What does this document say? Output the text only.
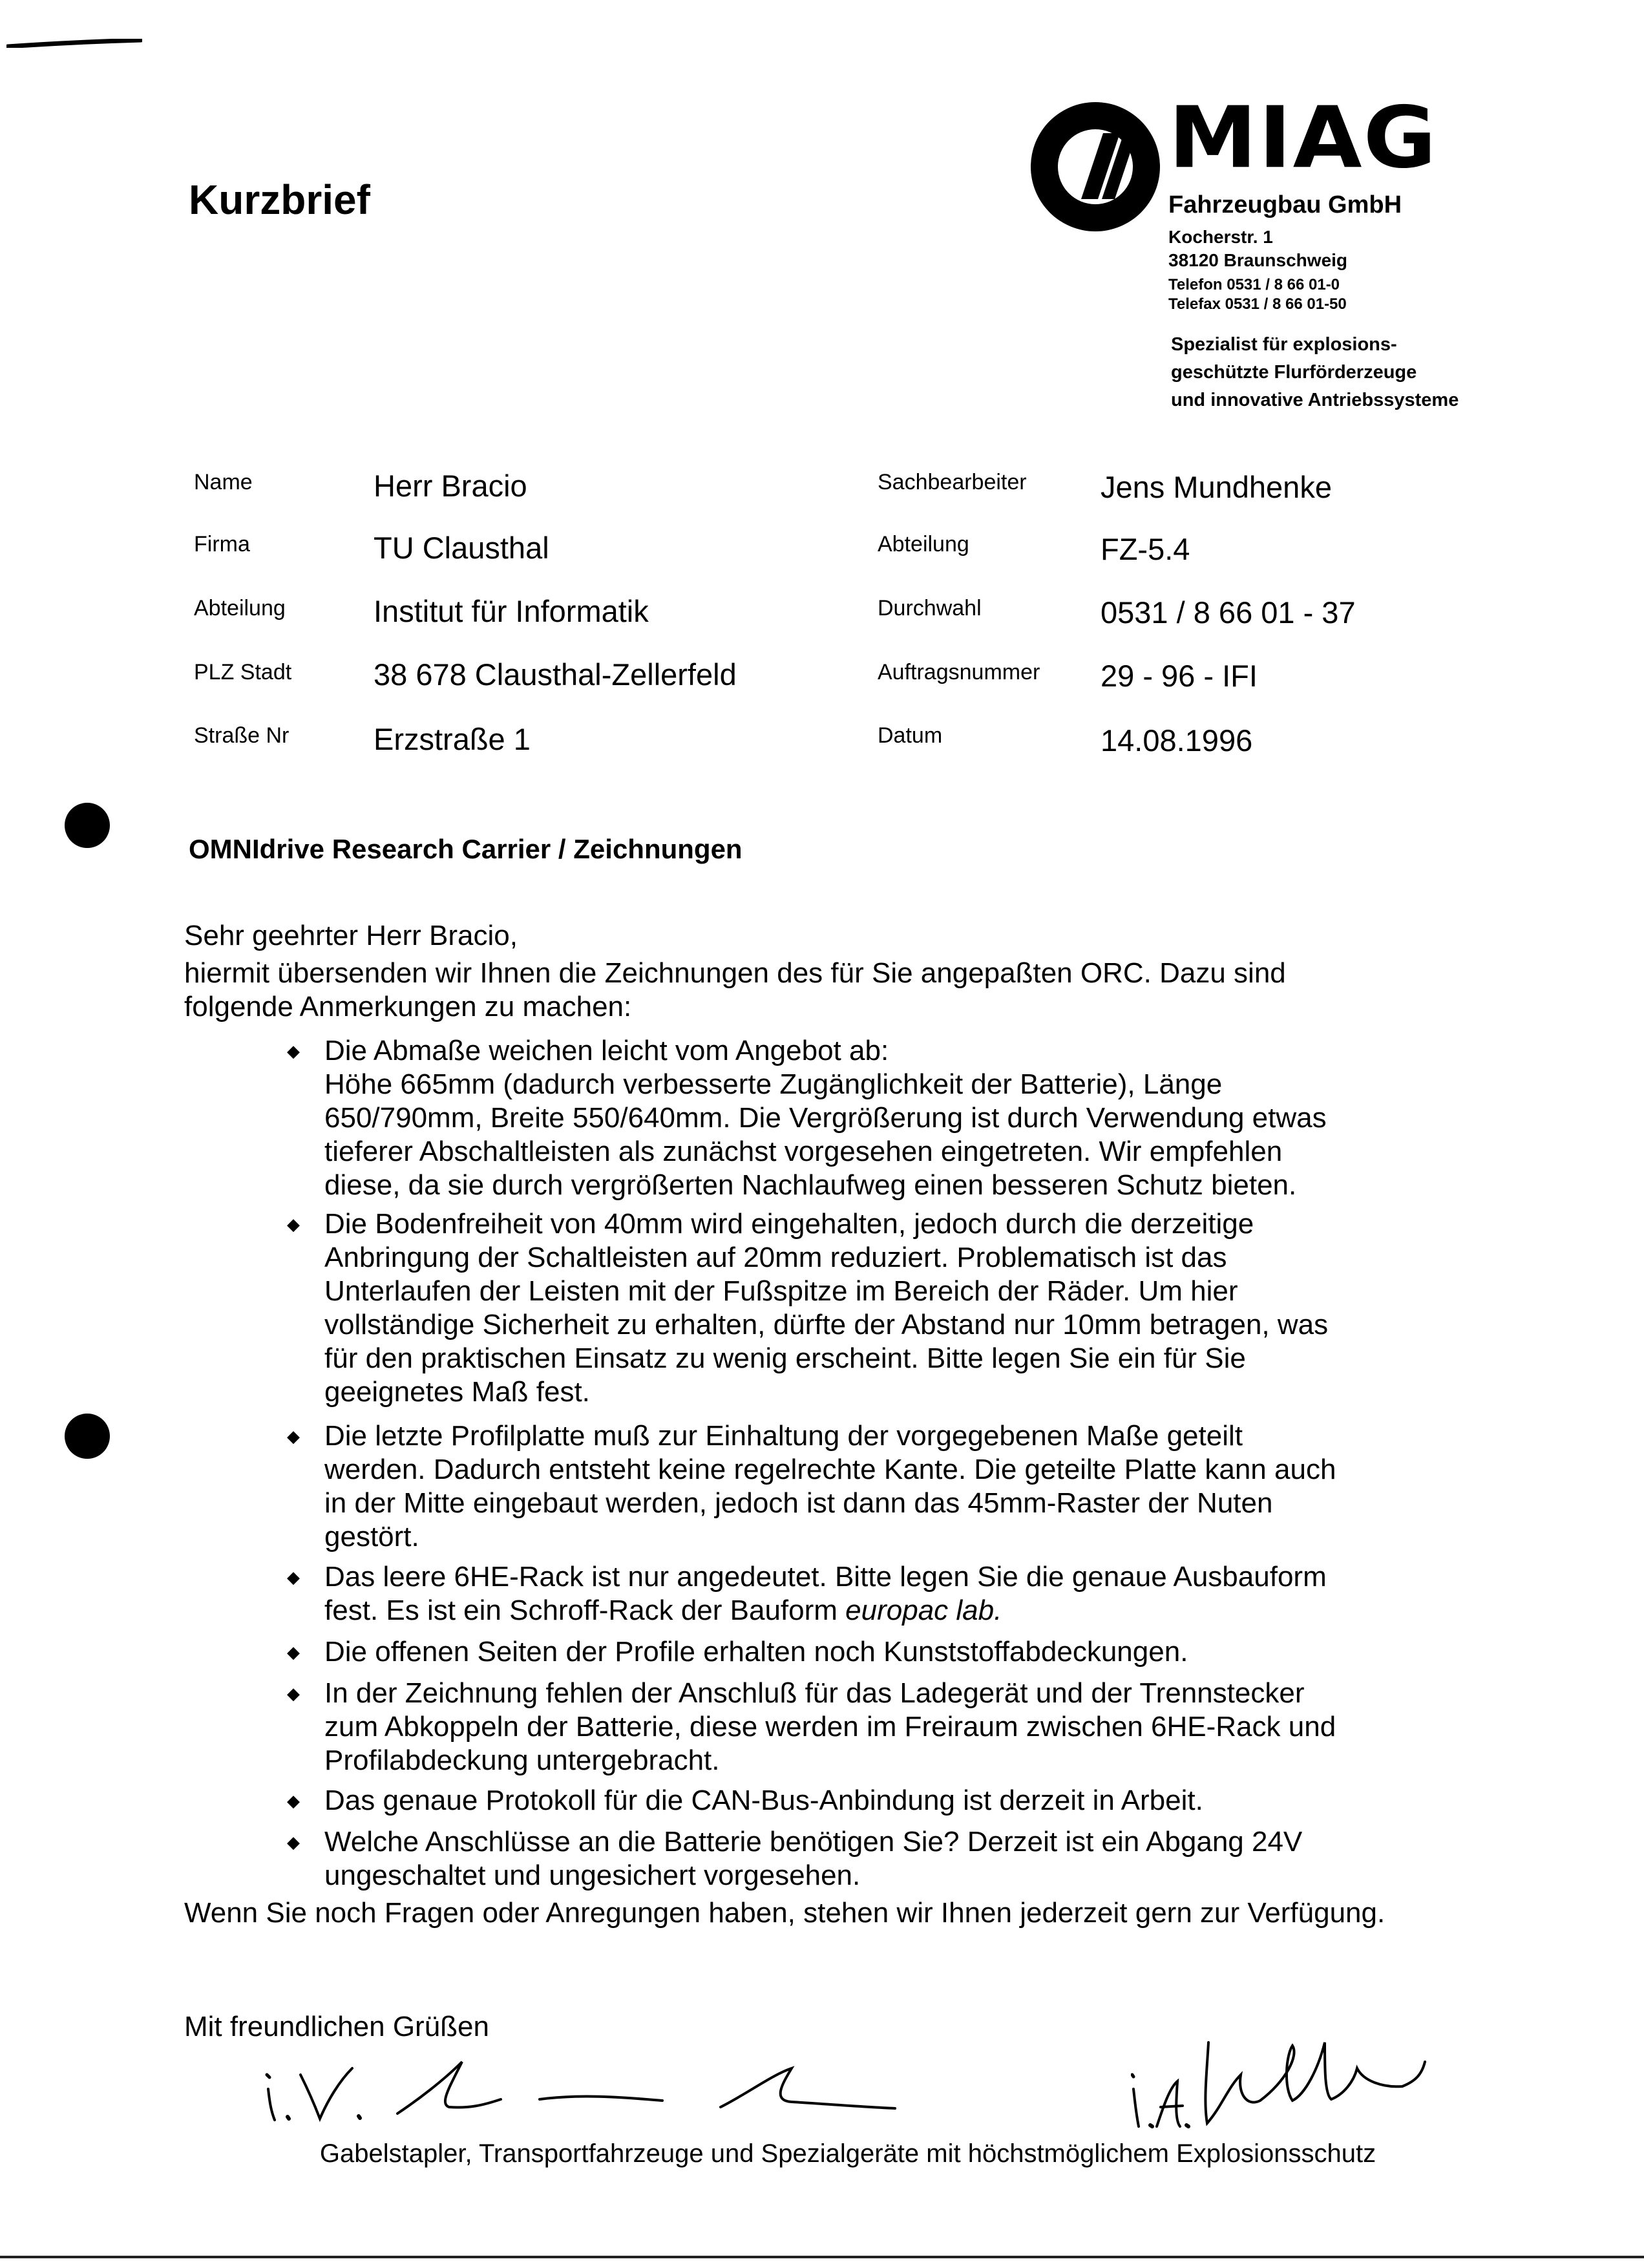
Kurzbrief
MIAG
Fahrzeugbau GmbH
Kocherstr. 1
38120 Braunschweig
Telefon 0531 / 8 66 01-0
Telefax 0531 / 8 66 01-50
Spezialist für explosions-
geschützte Flurförderzeuge
und innovative Antriebssysteme
Name	Herr Bracio	Sachbearbeiter Jens Mundhenke
Firma	TU Clausthal	Abteilung	FZ-5.4
Abteilung	Institut für Informatik	Durchwahl	0531 / 8 66 01 - 37
PLZ Stadt	38 678 Clausthal-Zellerfeld	Auftragsnummer 29 - 96 - IFI
Straße Nr	Erzstraße 1	Datum	14.08.1996
OMNIdrive Research Carrier / Zeichnungen
Sehr geehrter Herr Bracio,
hiermit übersenden wir Ihnen die Zeichnungen des für Sie angepaßten ORC. Dazu sind folgende Anmerkungen zu machen:
◆ Die Abmaße weichen leicht vom Angebot ab:
Höhe 665mm (dadurch verbesserte Zugänglichkeit der Batterie), Länge
650/790mm, Breite 550/640mm. Die Vergrößerung ist durch Verwendung etwas
tieferer Abschaltleisten als zunächst vorgesehen eingetreten. Wir empfehlen
diese, da sie durch vergrößerten Nachlaufweg einen besseren Schutz bieten.
◆ Die Bodenfreiheit von 40mm wird eingehalten, jedoch durch die derzeitige
Anbringung der Schaltleisten auf 20mm reduziert. Problematisch ist das
Unterlaufen der Leisten mit der Fußspitze im Bereich der Räder. Um hier
vollständige Sicherheit zu erhalten, dürfte der Abstand nur 10mm betragen, was
für den praktischen Einsatz zu wenig erscheint. Bitte legen Sie ein für Sie
geeignetes Maß fest.
◆ Die letzte Profilplatte muß zur Einhaltung der vorgegebenen Maße geteilt
werden. Dadurch entsteht keine regelrechte Kante. Die geteilte Platte kann auch
in der Mitte eingebaut werden, jedoch ist dann das 45mm-Raster der Nuten
gestört.
◆ Das leere 6HE-Rack ist nur angedeutet. Bitte legen Sie die genaue Ausbauform
fest. Es ist ein Schroff-Rack der Bauform europac lab.
◆ Die offenen Seiten der Profile erhalten noch Kunststoffabdeckungen.
◆ In der Zeichnung fehlen der Anschluß für das Ladegerät und der Trennstecker
zum Abkoppeln der Batterie, diese werden im Freiraum zwischen 6HE-Rack und
Profilabdeckung untergebracht.
◆ Das genaue Protokoll für die CAN-Bus-Anbindung ist derzeit in Arbeit.
◆ Welche Anschlüsse an die Batterie benötigen Sie? Derzeit ist ein Abgang 24V
ungeschaltet und ungesichert vorgesehen.
Wenn Sie noch Fragen oder Anregungen haben, stehen wir Ihnen jederzeit gern zur Verfügung.
Mit freundlichen Grüßen
Gabelstapler, Transportfahrzeuge und Spezialgeräte mit höchstmöglichem Explosionsschutz
